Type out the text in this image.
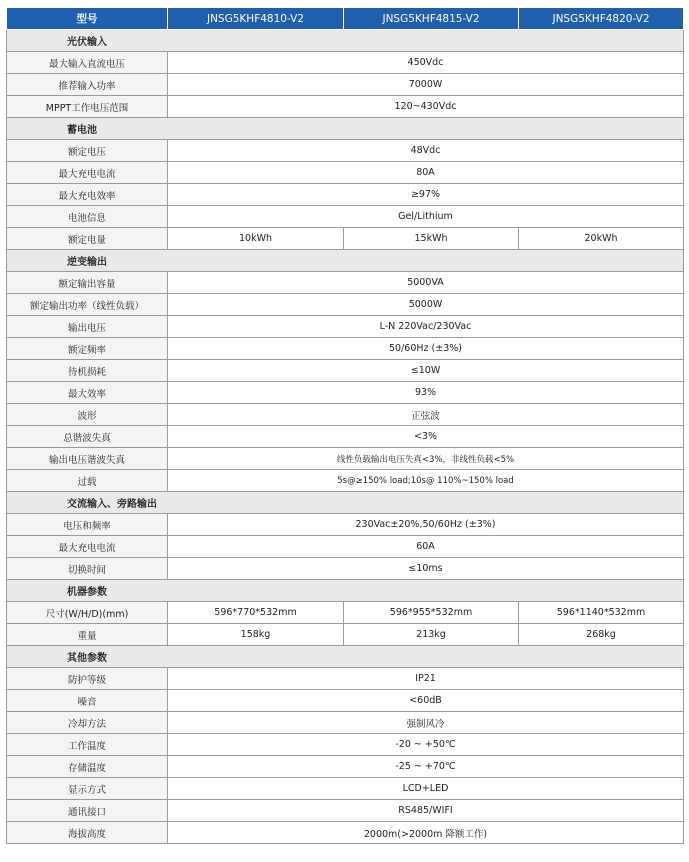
型号	JNSG5KHF4810-V2	JNSG5KHF4815-V2	JNSG5KHF4820-V2
光伏输入			
最大输入直流电压	450Vdc		
推荐输入功率	7000W		
MPPT工作电压范围	120~430Vdc		
蓄电池			
额定电压	48Vdc		
最大充电电流	80A		
最大充电效率	≥97%		
电池信息	Gel/Lithium		
额定电量	10kWh	15kWh	20kWh
逆变输出			
额定输出容量	5000VA		
额定输出功率（线性负载）	5000W		
输出电压	L-N 220Vac/230Vac		
额定频率	50/60Hz (±3%)		
待机损耗	≤10W		
最大效率	93%		
波形	正弦波		
总谐波失真	<3%		
输出电压谐波失真	线性负载输出电压失真<3%，非线性负载<5%		
过载	5s@≥150% load;10s@ 110%~150% load		
交流输入、旁路输出			
电压和频率	230Vac±20%,50/60Hz (±3%)		
最大充电电流	60A		
切换时间	≤10ms		
机器参数			
尺寸(W/H/D)(mm)	596*770*532mm	596*955*532mm	596*1140*532mm
重量	158kg	213kg	268kg
其他参数			
防护等级	IP21		
噪音	<60dB		
冷却方法	强制风冷		
工作温度	-20 ~ +50℃		
存储温度	-25 ~ +70℃		
显示方式	LCD+LED		
通讯接口	RS485/WIFI		
海拔高度	2000m(>2000m 降额工作)		
